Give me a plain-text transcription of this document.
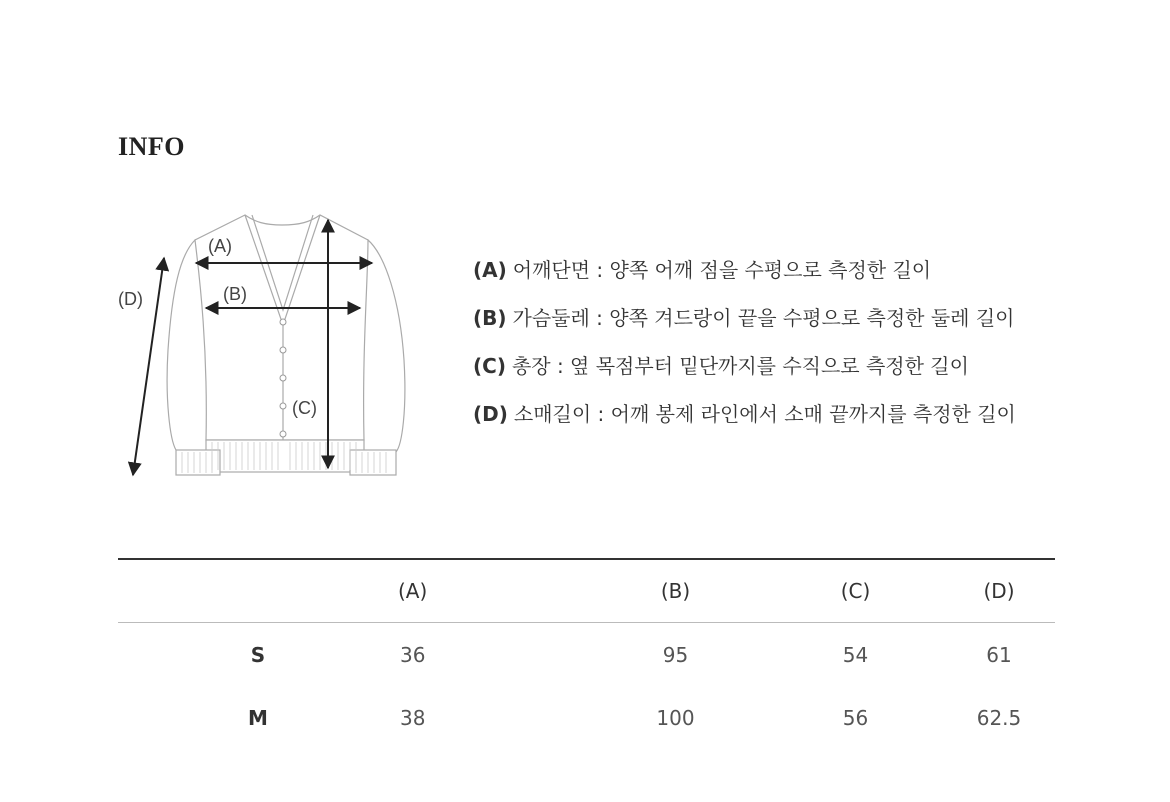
INFO
(A)
(B)
(C)
(D)
(A) 어깨단면 : 양쪽 어깨 점을 수평으로 측정한 길이
(B) 가슴둘레 : 양쪽 겨드랑이 끝을 수평으로 측정한 둘레 길이
(C) 총장 : 옆 목점부터 밑단까지를 수직으로 측정한 길이
(D) 소매길이 : 어깨 봉제 라인에서 소매 끝까지를 측정한 길이
	(A)	(B)	(C)	(D)
S	36	95	54	61
M	38	100	56	62.5
